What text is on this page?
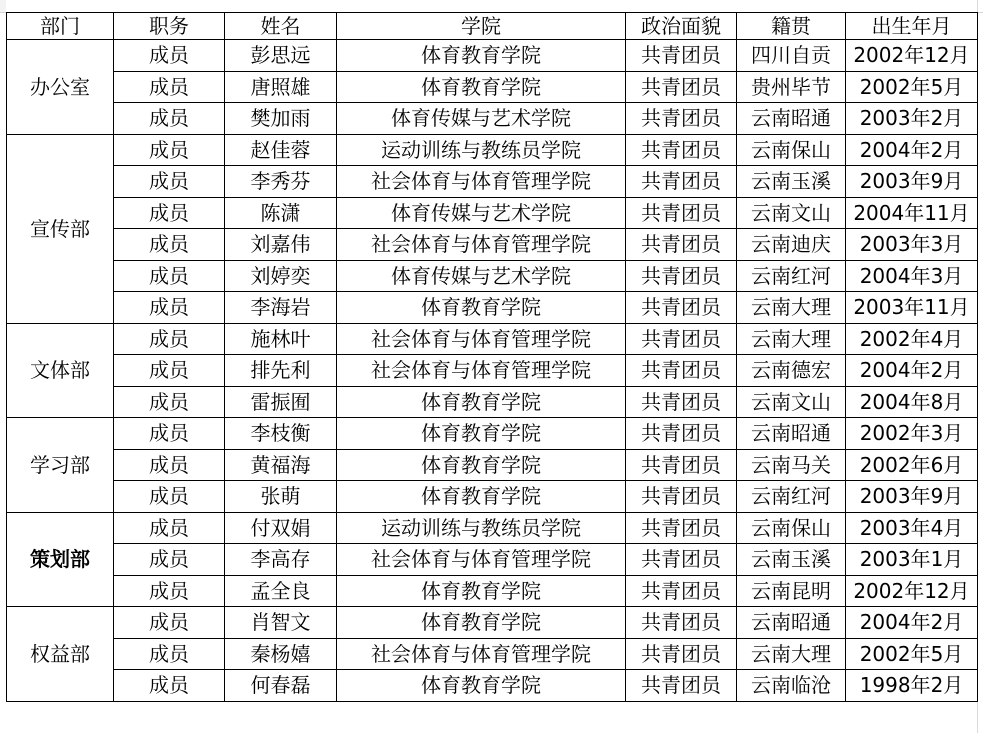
部门	职务	姓名	学院	政治面貌	籍贯	出生年月
办公室	成员	彭思远	体育教育学院	共青团员	四川自贡	2002年12月
	成员	唐照雄	体育教育学院	共青团员	贵州毕节	2002年5月
	成员	樊加雨	体育传媒与艺术学院	共青团员	云南昭通	2003年2月
宣传部	成员	赵佳蓉	运动训练与教练员学院	共青团员	云南保山	2004年2月
	成员	李秀芬	社会体育与体育管理学院	共青团员	云南玉溪	2003年9月
	成员	陈潇	体育传媒与艺术学院	共青团员	云南文山	2004年11月
	成员	刘嘉伟	社会体育与体育管理学院	共青团员	云南迪庆	2003年3月
	成员	刘婷奕	体育传媒与艺术学院	共青团员	云南红河	2004年3月
	成员	李海岩	体育教育学院	共青团员	云南大理	2003年11月
文体部	成员	施林叶	社会体育与体育管理学院	共青团员	云南大理	2002年4月
	成员	排先利	社会体育与体育管理学院	共青团员	云南德宏	2004年2月
	成员	雷振囿	体育教育学院	共青团员	云南文山	2004年8月
学习部	成员	李枝衡	体育教育学院	共青团员	云南昭通	2002年3月
	成员	黄福海	体育教育学院	共青团员	云南马关	2002年6月
	成员	张萌	体育教育学院	共青团员	云南红河	2003年9月
策划部	成员	付双娟	运动训练与教练员学院	共青团员	云南保山	2003年4月
	成员	李高存	社会体育与体育管理学院	共青团员	云南玉溪	2003年1月
	成员	孟全良	体育教育学院	共青团员	云南昆明	2002年12月
权益部	成员	肖智文	体育教育学院	共青团员	云南昭通	2004年2月
	成员	秦杨嬉	社会体育与体育管理学院	共青团员	云南大理	2002年5月
	成员	何春磊	体育教育学院	共青团员	云南临沧	1998年2月
